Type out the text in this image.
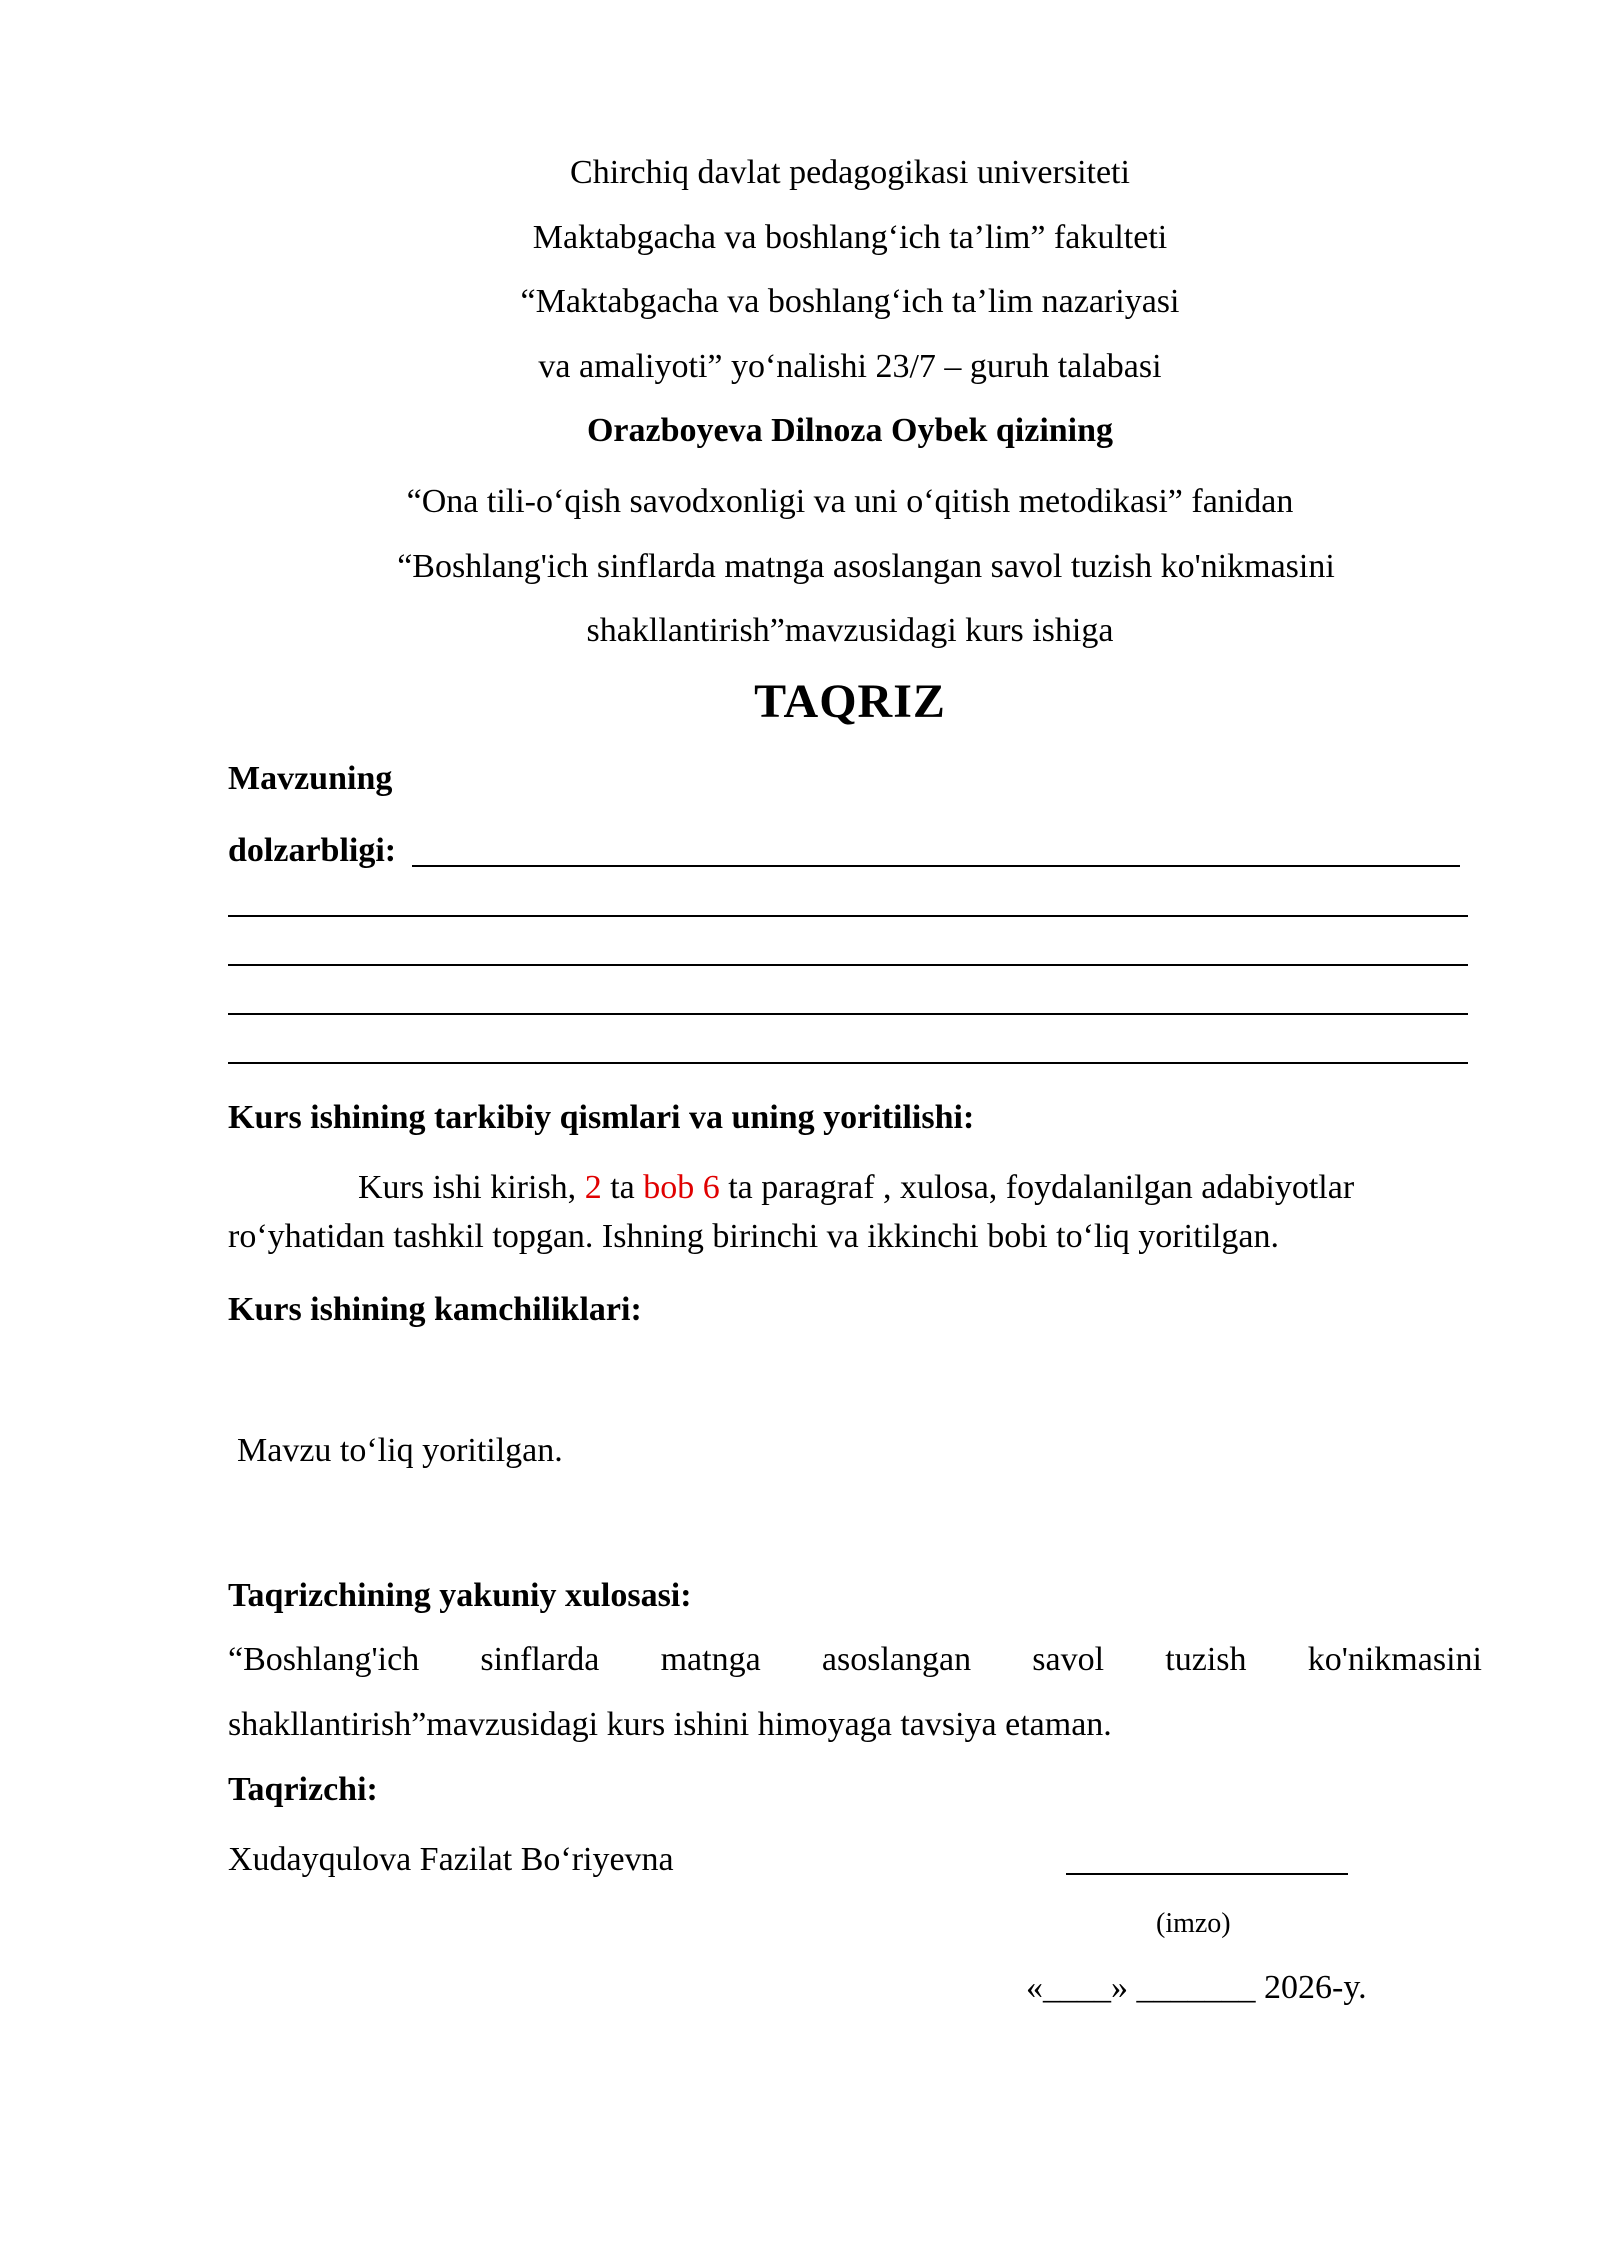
Chirchiq davlat pedagogikasi universiteti
Maktabgacha va boshlang‘ich ta’lim” fakulteti
“Maktabgacha va boshlang‘ich ta’lim nazariyasi
va amaliyoti” yo‘nalishi 23/7 – guruh talabasi
Orazboyeva Dilnoza Oybek qizining
“Ona tili-o‘qish savodxonligi va uni o‘qitish metodikasi” fanidan
“Boshlang'ich sinflarda matnga asoslangan savol tuzish ko'nikmasini
shakllantirish”mavzusidagi kurs ishiga
TAQRIZ
Mavzuning
dolzarbligi:
Kurs ishining tarkibiy qismlari va uning yoritilishi:
Kurs ishi kirish, 2 ta bob 6 ta paragraf , xulosa, foydalanilgan adabiyotlar
ro‘yhatidan tashkil topgan. Ishning birinchi va ikkinchi bobi to‘liq yoritilgan.
Kurs ishining kamchiliklari:
Mavzu to‘liq yoritilgan.
Taqrizchining yakuniy xulosasi:
“Boshlang'ich sinflarda matnga asoslangan savol tuzish ko'nikmasini
shakllantirish”mavzusidagi kurs ishini himoyaga tavsiya etaman.
Taqrizchi:
Xudayqulova Fazilat Bo‘riyevna
(imzo)
«____» _______ 2026-y.
